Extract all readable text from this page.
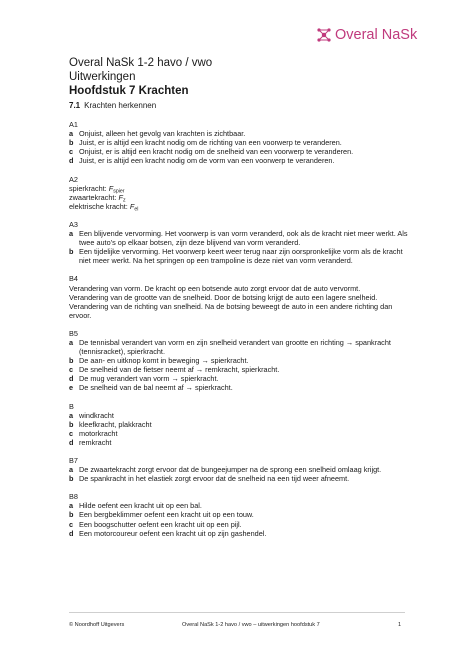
Overal NaSk
Overal NaSk 1-2 havo / vwo
Uitwerkingen
Hoofdstuk 7 Krachten
7.1 Krachten herkennen
A1
a Onjuist, alleen het gevolg van krachten is zichtbaar.
b Juist, er is altijd een kracht nodig om de richting van een voorwerp te veranderen.
c Onjuist, er is altijd een kracht nodig om de snelheid van een voorwerp te veranderen.
d Juist, er is altijd een kracht nodig om de vorm van een voorwerp te veranderen.
A2
spierkracht: $F_{spier}$
zwaartekracht: $F_z$
elektrische kracht: $F_{el}$
A3
a Een blijvende vervorming. Het voorwerp is van vorm veranderd, ook als de kracht niet meer werkt. Als twee auto’s op elkaar botsen, zijn deze blijvend van vorm veranderd.
b Een tijdelijke vervorming. Het voorwerp keert weer terug naar zijn oorspronkelijke vorm als de kracht niet meer werkt. Na het springen op een trampoline is deze niet van vorm veranderd.
B4
Verandering van vorm. De kracht op een botsende auto zorgt ervoor dat de auto vervormt.
Verandering van de grootte van de snelheid. Door de botsing krijgt de auto een lagere snelheid.
Verandering van de richting van snelheid. Na de botsing beweegt de auto in een andere richting dan ervoor.
B5
a De tennisbal verandert van vorm en zijn snelheid verandert van grootte en richting → spankracht (tennisracket), spierkracht.
b De aan- en uitknop komt in beweging → spierkracht.
c De snelheid van de fietser neemt af → remkracht, spierkracht.
d De mug verandert van vorm → spierkracht.
e De snelheid van de bal neemt af → spierkracht.
B
a windkracht
b kleefkracht, plakkracht
c motorkracht
d remkracht
B7
a De zwaartekracht zorgt ervoor dat de bungeejumper na de sprong een snelheid omlaag krijgt.
b De spankracht in het elastiek zorgt ervoor dat de snelheid na een tijd weer afneemt.
B8
a Hilde oefent een kracht uit op een bal.
b Een bergbeklimmer oefent een kracht uit op een touw.
c Een boogschutter oefent een kracht uit op een pijl.
d Een motorcoureur oefent een kracht uit op zijn gashendel.
© Noordhoff Uitgevers	Overal NaSk 1-2 havo / vwo – uitwerkingen hoofdstuk 7	1
